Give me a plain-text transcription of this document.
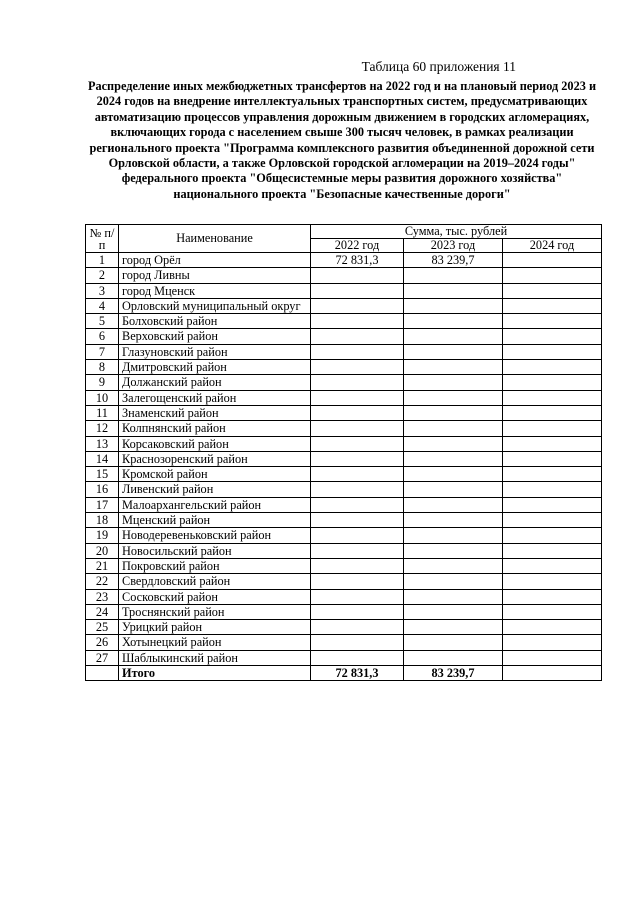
Таблица 60 приложения 11
Распределение иных межбюджетных трансфертов на 2022 год и на плановый период 2023 и 2024 годов на внедрение интеллектуальных транспортных систем, предусматривающих автоматизацию процессов управления дорожным движением в городских агломерациях, включающих города с населением свыше 300 тысяч человек, в рамках реализации регионального проекта "Программа комплексного развития объединенной дорожной сети Орловской области, а также Орловской городской агломерации на 2019–2024 годы" федерального проекта "Общесистемные меры развития дорожного хозяйства" национального проекта "Безопасные качественные дороги"
№ п/п	Наименование	Сумма, тыс. рублей		
		2022 год	2023 год	2024 год
1	город Орёл	72 831,3	83 239,7	
2	город Ливны			
3	город Мценск			
4	Орловский муниципальный округ			
5	Болховский район			
6	Верховский район			
7	Глазуновский район			
8	Дмитровский район			
9	Должанский район			
10	Залегощенский район			
11	Знаменский район			
12	Колпнянский район			
13	Корсаковский район			
14	Краснозоренский район			
15	Кромской район			
16	Ливенский район			
17	Малоархангельский район			
18	Мценский район			
19	Новодеревеньковский район			
20	Новосильский район			
21	Покровский район			
22	Свердловский район			
23	Сосковский район			
24	Троснянский район			
25	Урицкий район			
26	Хотынецкий район			
27	Шаблыкинский район			
	Итого	72 831,3	83 239,7	
